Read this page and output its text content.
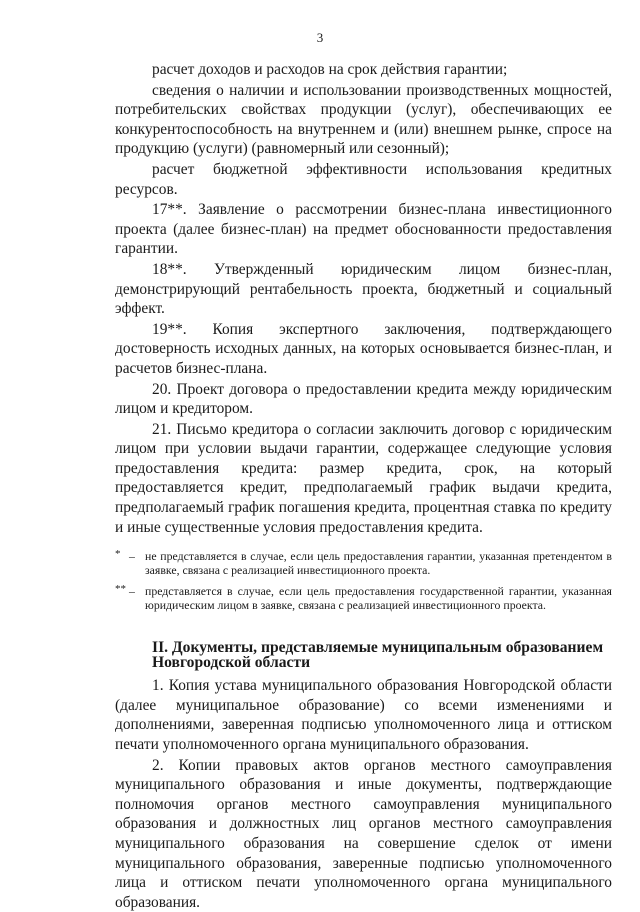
3

расчет доходов и расходов на срок действия гарантии;

сведения о наличии и использовании производственных мощностей, потребительских свойствах продукции (услуг), обеспечивающих ее конкурентоспособность на внутреннем и (или) внешнем рынке, спросе на продукцию (услуги) (равномерный или сезонный);

расчет бюджетной эффективности использования кредитных ресурсов.

17**. Заявление о рассмотрении бизнес-плана инвестиционного проекта (далее бизнес-план) на предмет обоснованности предоставления гарантии.

18**. Утвержденный юридическим лицом бизнес-план, демонстрирующий рентабельность проекта, бюджетный и социальный эффект.

19**. Копия экспертного заключения, подтверждающего достоверность исходных данных, на которых основывается бизнес-план, и расчетов бизнес-плана.

20. Проект договора о предоставлении кредита между юридическим лицом и кредитором.

21. Письмо кредитора о согласии заключить договор с юридическим лицом при условии выдачи гарантии, содержащее следующие условия предоставления кредита: размер кредита, срок, на который предоставляется кредит, предполагаемый график выдачи кредита, предполагаемый график погашения кредита, процентная ставка по кредиту и иные существенные условия предоставления кредита.

* – не представляется в случае, если цель предоставления гарантии, указанная претендентом в заявке, связана с реализацией инвестиционного проекта.
** – представляется в случае, если цель предоставления государственной гарантии, указанная юридическим лицом в заявке, связана с реализацией инвестиционного проекта.
II. Документы, представляемые муниципальным образованием
Новгородской области

1. Копия устава муниципального образования Новгородской области (далее муниципальное образование) со всеми изменениями и дополнениями, заверенная подписью уполномоченного лица и оттиском печати уполномоченного органа муниципального образования.

2. Копии правовых актов органов местного самоуправления муниципального образования и иные документы, подтверждающие полномочия органов местного самоуправления муниципального образования и должностных лиц органов местного самоуправления муниципального образования на совершение сделок от имени муниципального образования, заверенные подписью уполномоченного лица и оттиском печати уполномоченного органа муниципального образования.
